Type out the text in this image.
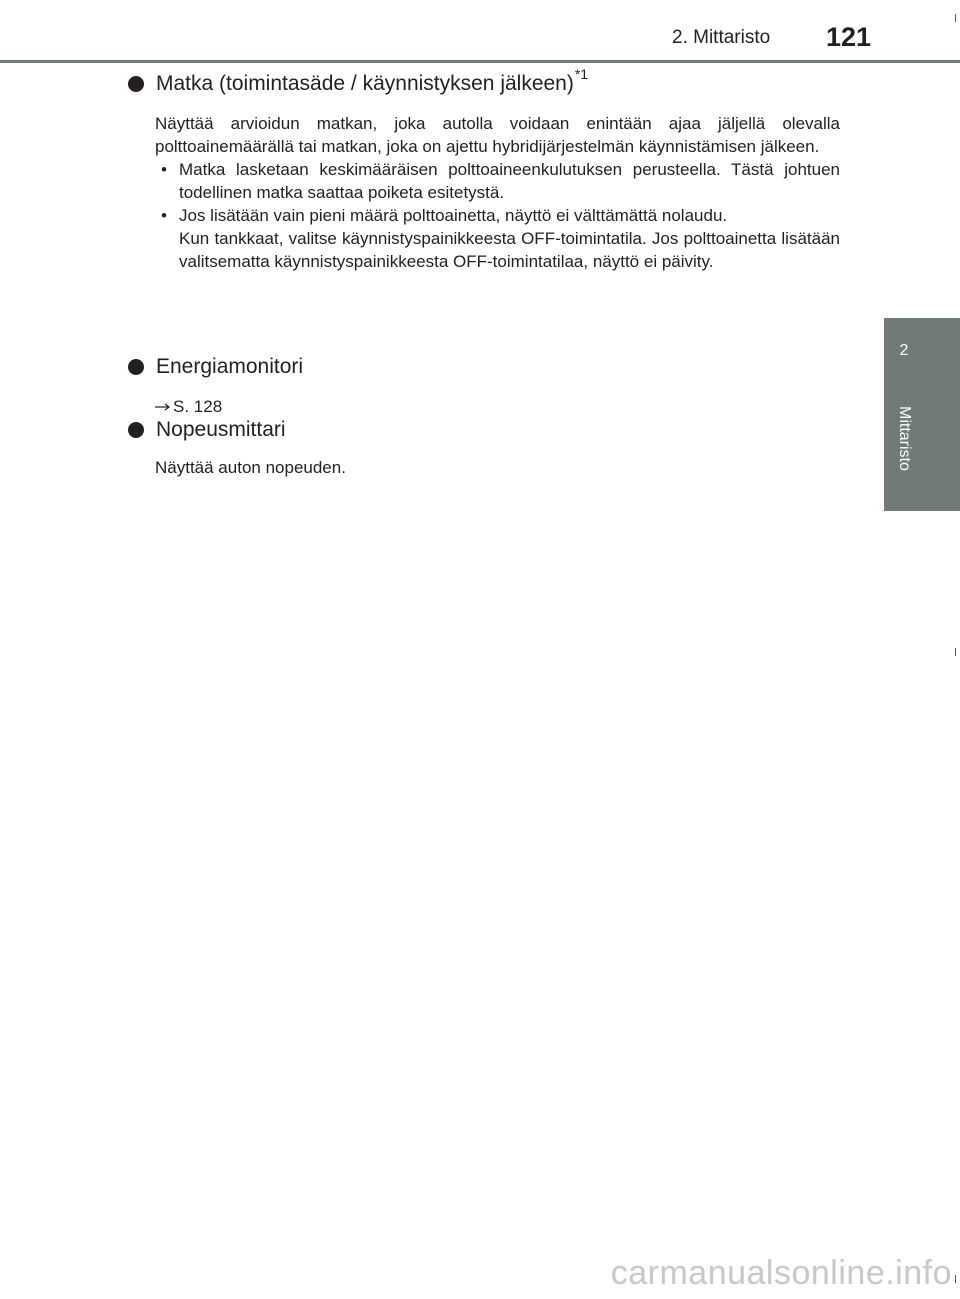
2. Mittaristo 121
2
Mittaristo
Matka (toimintasäde / käynnistyksen jälkeen) *1

Näyttää arvioidun matkan, joka autolla voidaan enintään ajaa jäljellä olevalla polttoainemäärällä tai matkan, joka on ajettu hybridijärjestelmän käynnistämisen jälkeen.

• Matka lasketaan keskimääräisen polttoaineenkulutuksen perusteella. Tästä johtuen todellinen matka saattaa poiketa esitetystä.
• Jos lisätään vain pieni määrä polttoainetta, näyttö ei välttämättä nolaudu.
Kun tankkaat, valitse käynnistyspainikkeesta OFF-toimintatila. Jos polttoainetta lisätään valitsematta käynnistyspainikkeesta OFF-toimintatilaa, näyttö ei päivity.
Energiamonitori
S. 128
Nopeusmittari

Näyttää auton nopeuden.

carmanualsonline.info
